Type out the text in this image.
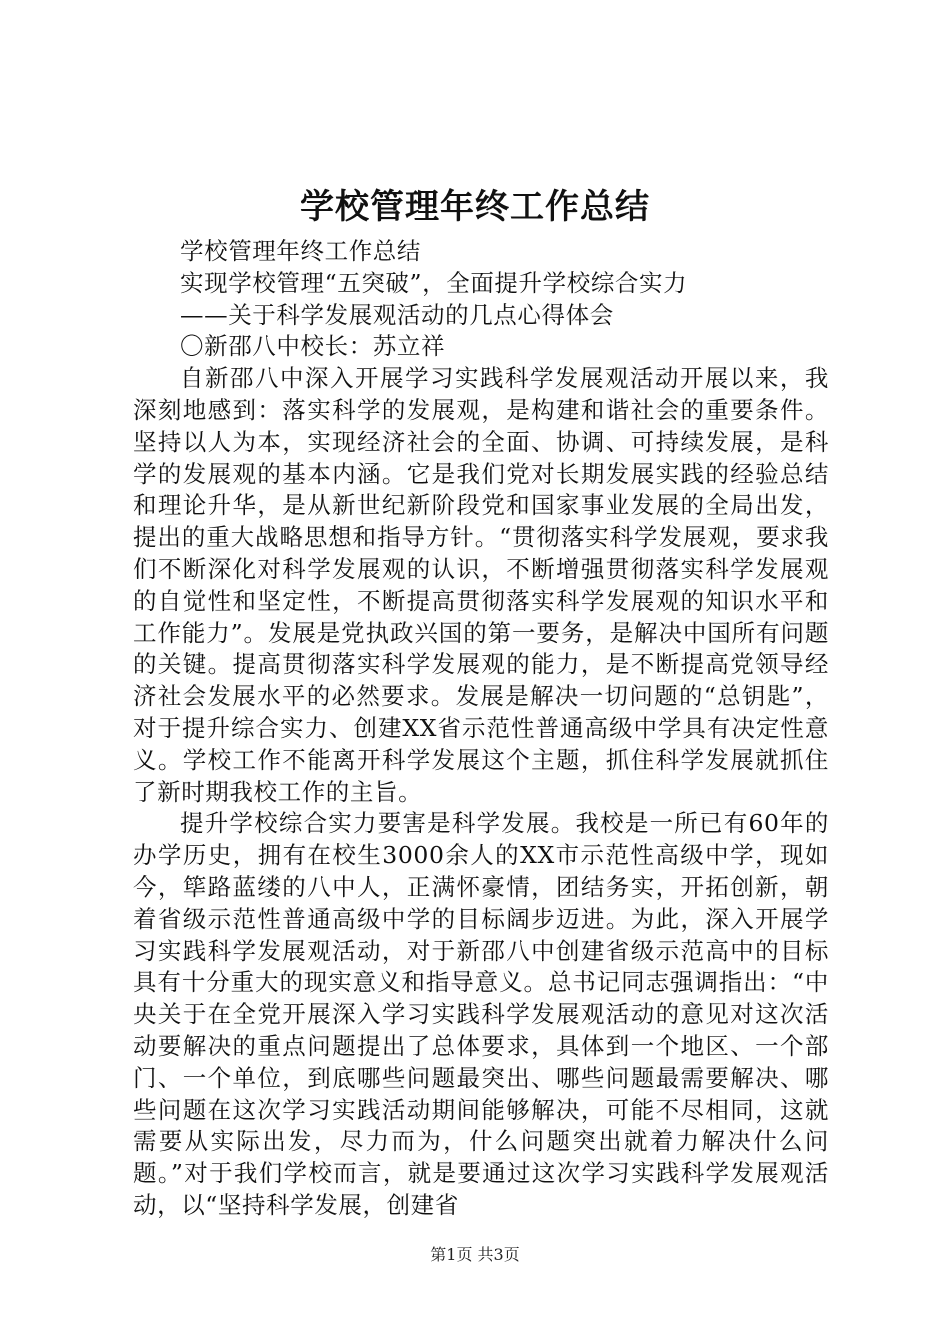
学校管理年终工作总结

学校管理年终工作总结

实现学校管理“五突破”，全面提升学校综合实力

——关于科学发展观活动的几点心得体会

〇新邵八中校长：苏立祥

自新邵八中深入开展学习实践科学发展观活动开展以来，我深刻地感到：落实科学的发展观，是构建和谐社会的重要条件。坚持以人为本，实现经济社会的全面、协调、可持续发展，是科学的发展观的基本内涵。它是我们党对长期发展实践的经验总结和理论升华，是从新世纪新阶段党和国家事业发展的全局出发，提出的重大战略思想和指导方针。“贯彻落实科学发展观，要求我们不断深化对科学发展观的认识，不断增强贯彻落实科学发展观的自觉性和坚定性，不断提高贯彻落实科学发展观的知识水平和工作能力”。发展是党执政兴国的第一要务，是解决中国所有问题的关键。提高贯彻落实科学发展观的能力，是不断提高党领导经济社会发展水平的必然要求。发展是解决一切问题的“总钥匙”，对于提升综合实力、创建XX省示范性普通高级中学具有决定性意义。学校工作不能离开科学发展这个主题，抓住科学发展就抓住了新时期我校工作的主旨。

提升学校综合实力要害是科学发展。我校是一所已有60年的办学历史，拥有在校生3000余人的XX市示范性高级中学，现如今，筚路蓝缕的八中人，正满怀豪情，团结务实，开拓创新，朝着省级示范性普通高级中学的目标阔步迈进。为此，深入开展学习实践科学发展观活动，对于新邵八中创建省级示范高中的目标具有十分重大的现实意义和指导意义。总书记同志强调指出：“中央关于在全党开展深入学习实践科学发展观活动的意见对这次活动要解决的重点问题提出了总体要求，具体到一个地区、一个部门、一个单位，到底哪些问题最突出、哪些问题最需要解决、哪些问题在这次学习实践活动期间能够解决，可能不尽相同，这就需要从实际出发，尽力而为，什么问题突出就着力解决什么问题。”对于我们学校而言，就是要通过这次学习实践科学发展观活动，以“坚持科学发展，创建省

第1页 共3页
